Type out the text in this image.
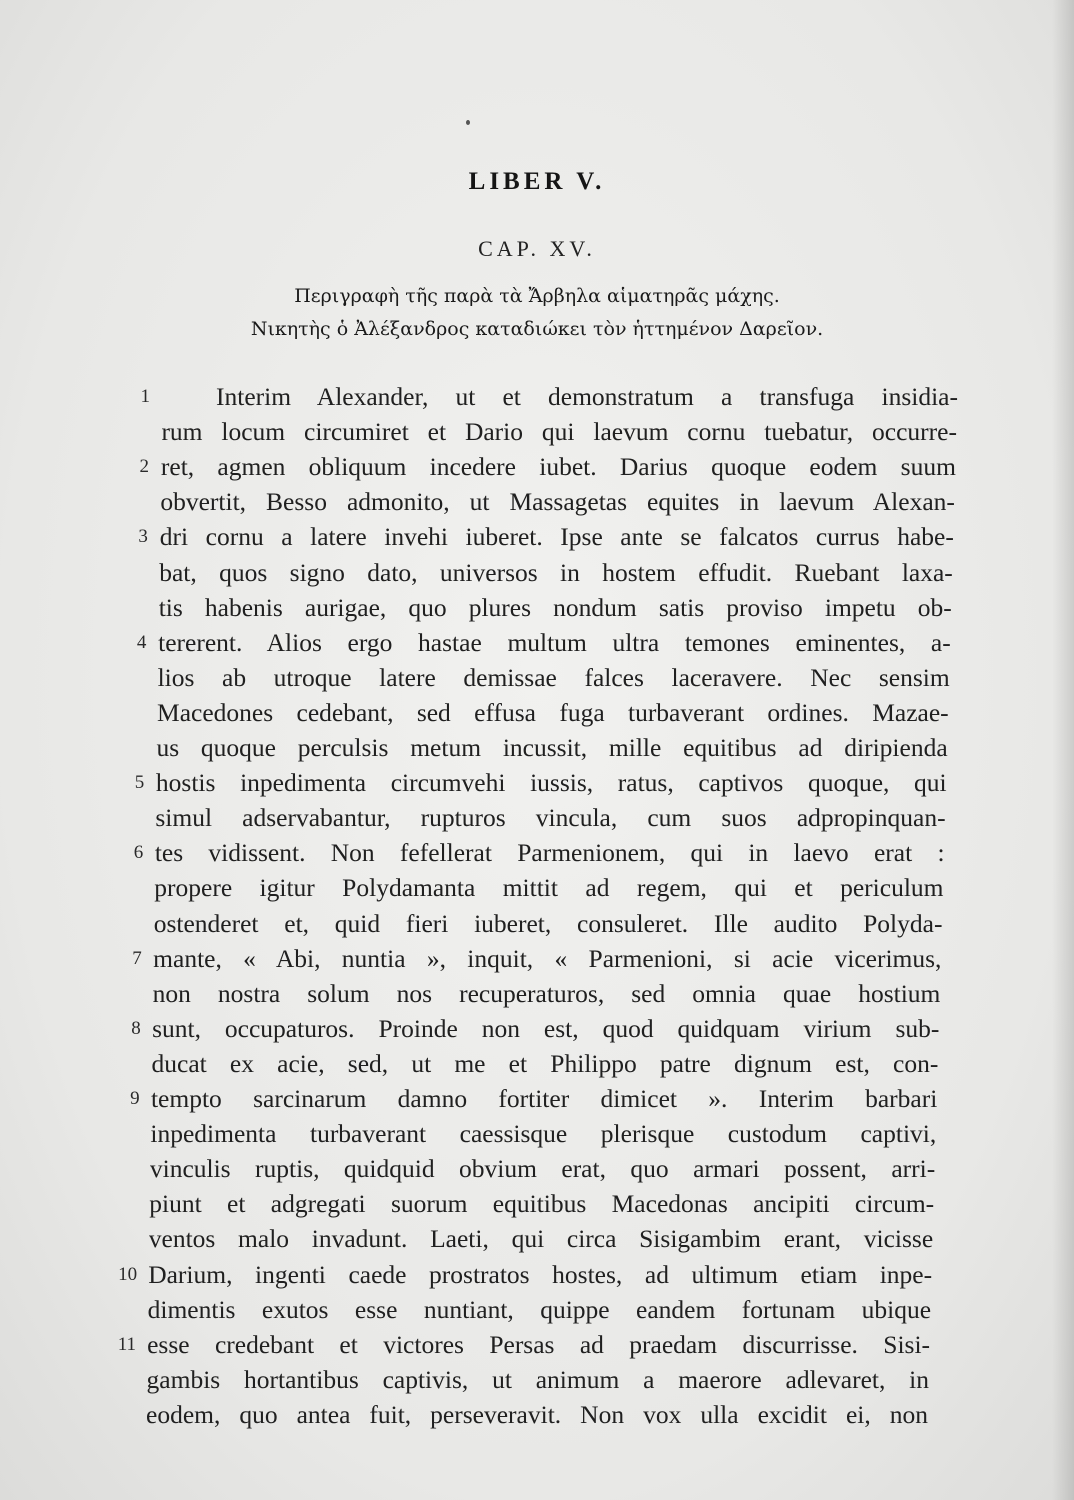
LIBER V.
CAP. XV.
Περιγραφὴ τῆς παρὰ τὰ Ἄρβηλα αἱματηρᾶς μάχης.
Νικητὴς ὁ Ἀλέξανδρος καταδιώκει τὸν ἡττημένον Δαρεῖον.
1	Interim Alexander, ut et demonstratum a transfuga insidia-
rum locum circumiret et Dario qui laevum cornu tuebatur, occurre-
2 ret, agmen obliquum incedere iubet. Darius quoque eodem suum
obvertit, Besso admonito, ut Massagetas equites in laevum Alexan-
3 dri cornu a latere invehi iuberet. Ipse ante se falcatos currus habe-
bat, quos signo dato, universos in hostem effudit. Ruebant laxa-
tis habenis aurigae, quo plures nondum satis proviso impetu ob-
4 tererent. Alios ergo hastae multum ultra temones eminentes, a-
lios ab utroque latere demissae falces laceravere. Nec sensim
Macedones cedebant, sed effusa fuga turbaverant ordines. Mazae-
us quoque perculsis metum incussit, mille equitibus ad diripienda
5 hostis inpedimenta circumvehi iussis, ratus, captivos quoque, qui
simul adservabantur, rupturos vincula, cum suos adpropinquan-
6 tes vidissent. Non fefellerat Parmenionem, qui in laevo erat :
propere igitur Polydamanta mittit ad regem, qui et periculum
ostenderet et, quid fieri iuberet, consuleret. Ille audito Polyda-
7 mante, « Abi, nuntia », inquit, « Parmenioni, si acie vicerimus,
non nostra solum nos recuperaturos, sed omnia quae hostium
8 sunt, occupaturos. Proinde non est, quod quidquam virium sub-
ducat ex acie, sed, ut me et Philippo patre dignum est, con-
9 tempto sarcinarum damno fortiter dimicet ». Interim barbari
inpedimenta turbaverant caessisque plerisque custodum captivi,
vinculis ruptis, quidquid obvium erat, quo armari possent, arri-
piunt et adgregati suorum equitibus Macedonas ancipiti circum-
ventos malo invadunt. Laeti, qui circa Sisigambim erant, vicisse
10 Darium, ingenti caede prostratos hostes, ad ultimum etiam inpe-
dimentis exutos esse nuntiant, quippe eandem fortunam ubique
11 esse credebant et victores Persas ad praedam discurrisse. Sisi-
gambis hortantibus captivis, ut animum a maerore adlevaret, in
eodem, quo antea fuit, perseveravit. Non vox ulla excidit ei, non
